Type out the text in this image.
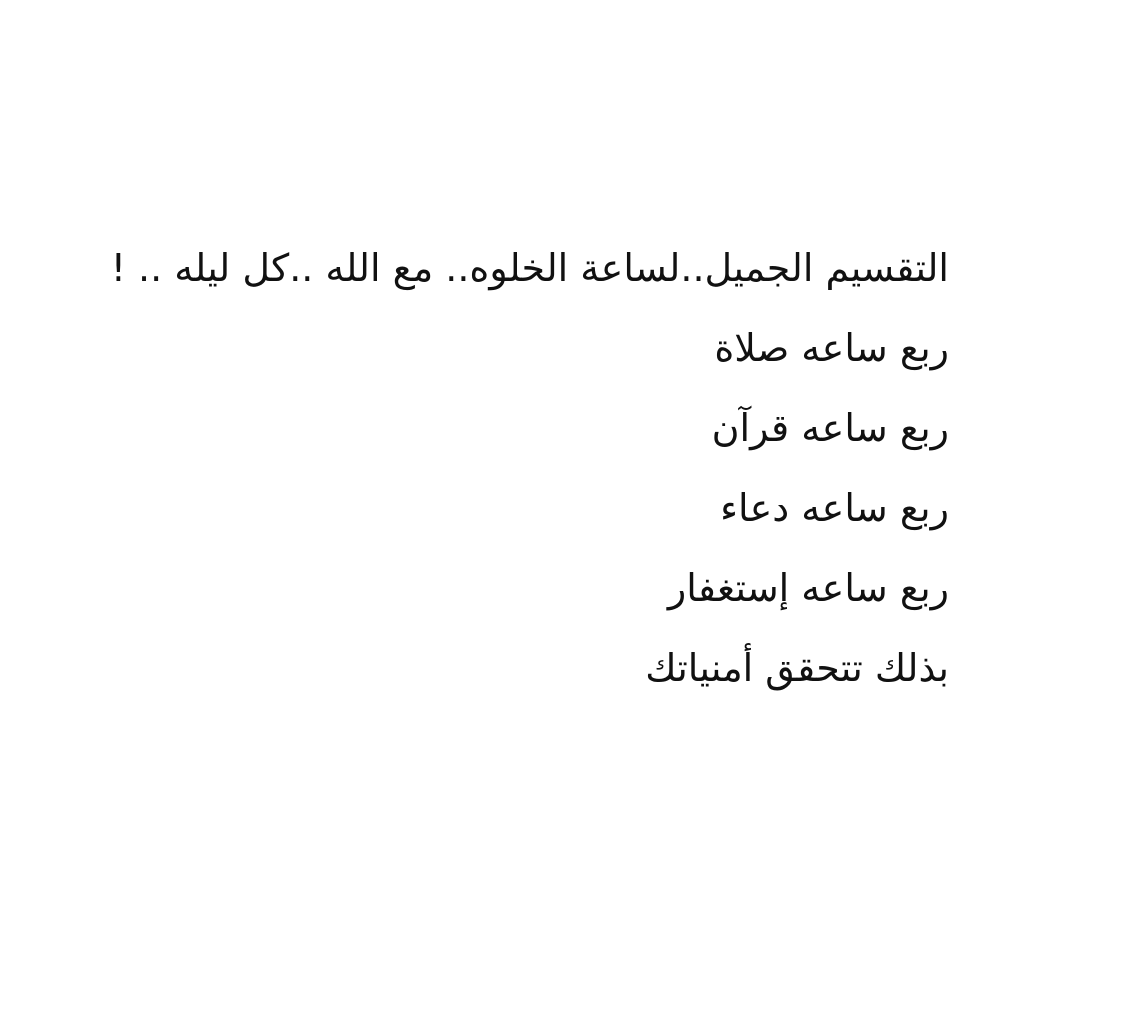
التقسيم الجميل..لساعة الخلوه.. مع الله ..كل ليله .. !

ربع ساعه صلاة

ربع ساعه قرآن

ربع ساعه دعاء

ربع ساعه إستغفار

بذلك تتحقق أمنياتك
